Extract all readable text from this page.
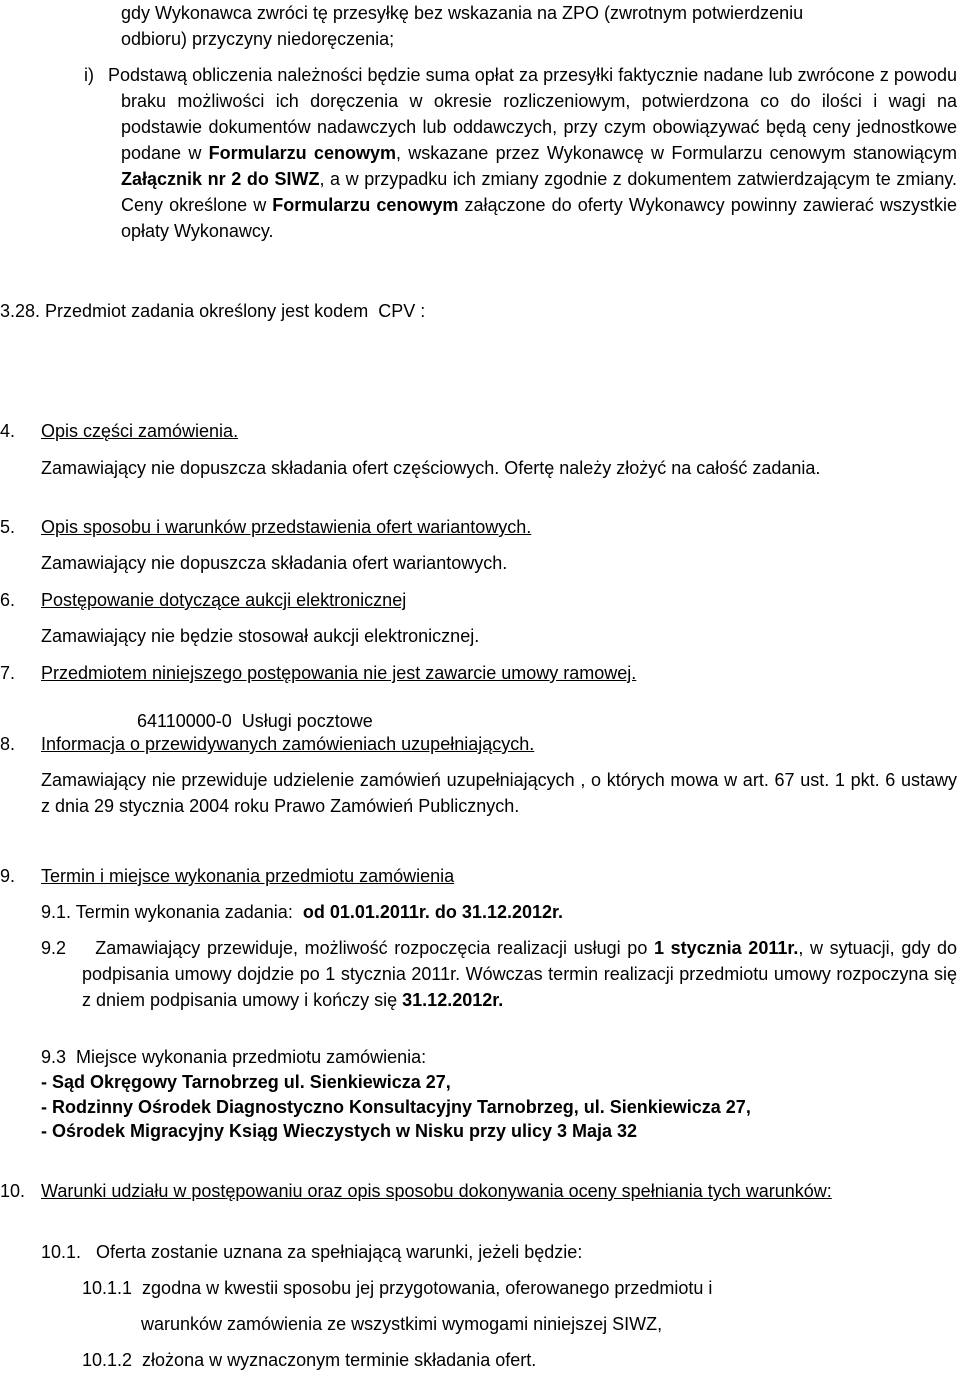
gdy Wykonawca zwróci tę przesyłkę bez wskazania na ZPO (zwrotnym potwierdzeniu
odbioru) przyczyny niedoręczenia;
i) Podstawą obliczenia należności będzie suma opłat za przesyłki faktycznie nadane lub zwrócone z powodu braku możliwości ich doręczenia w okresie rozliczeniowym, potwierdzona co do ilości i wagi na podstawie dokumentów nadawczych lub oddawczych, przy czym obowiązywać będą ceny jednostkowe podane w Formularzu cenowym, wskazane przez Wykonawcę w Formularzu cenowym stanowiącym Załącznik nr 2 do SIWZ, a w przypadku ich zmiany zgodnie z dokumentem zatwierdzającym te zmiany. Ceny określone w Formularzu cenowym załączone do oferty Wykonawcy powinny zawierać wszystkie opłaty Wykonawcy.
3.28. Przedmiot zadania określony jest kodem  CPV :
64110000-0  Usługi pocztowe
4. Opis części zamówienia.
Zamawiający nie dopuszcza składania ofert częściowych. Ofertę należy złożyć na całość zadania.
5. Opis sposobu i warunków przedstawienia ofert wariantowych.
Zamawiający nie dopuszcza składania ofert wariantowych.
6. Postępowanie dotyczące aukcji elektronicznej
Zamawiający nie będzie stosował aukcji elektronicznej.
7. Przedmiotem niniejszego postępowania nie jest zawarcie umowy ramowej.
8. Informacja o przewidywanych zamówieniach uzupełniających.
Zamawiający nie przewiduje udzielenie zamówień uzupełniających , o których mowa w art. 67 ust. 1 pkt. 6 ustawy z dnia 29 stycznia 2004 roku Prawo Zamówień Publicznych.
9. Termin i miejsce wykonania przedmiotu zamówienia
9.1. Termin wykonania zadania:  od 01.01.2011r. do 31.12.2012r.
9.2 Zamawiający przewiduje, możliwość rozpoczęcia realizacji usługi po 1 stycznia 2011r., w sytuacji, gdy do podpisania umowy dojdzie po 1 stycznia 2011r. Wówczas termin realizacji przedmiotu umowy rozpoczyna się z dniem podpisania umowy i kończy się 31.12.2012r.
9.3  Miejsce wykonania przedmiotu zamówienia:
- Sąd Okręgowy Tarnobrzeg ul. Sienkiewicza 27,
- Rodzinny Ośrodek Diagnostyczno Konsultacyjny Tarnobrzeg, ul. Sienkiewicza 27,
- Ośrodek Migracyjny Ksiąg Wieczystych w Nisku przy ulicy 3 Maja 32
10. Warunki udziału w postępowaniu oraz opis sposobu dokonywania oceny spełniania tych warunków:
10.1.   Oferta zostanie uznana za spełniającą warunki, jeżeli będzie:
10.1.1  zgodna w kwestii sposobu jej przygotowania, oferowanego przedmiotu i
warunków zamówienia ze wszystkimi wymogami niniejszej SIWZ,
10.1.2  złożona w wyznaczonym terminie składania ofert.
